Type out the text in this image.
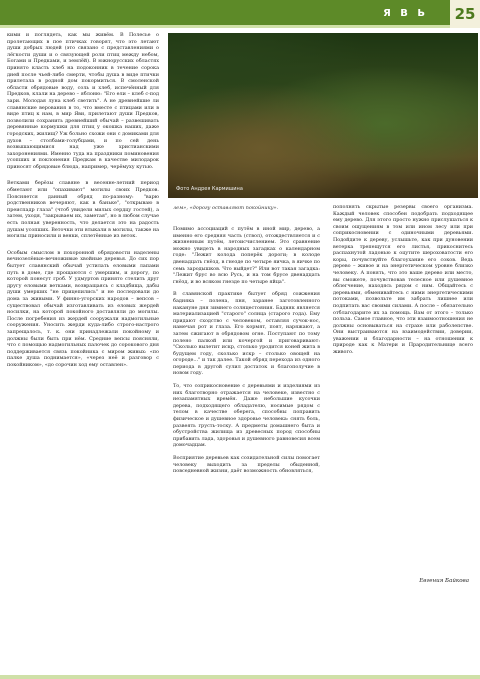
Я В Ь	25

кими и поглядеть, как мы живём. В Полесье о пролетающих в пое птичках говорят, что это летают души добрых людей (это связано с представлениями о лёгкости души и о связующей роли птиц между небом, Богами и Предками, и землёй). В южнорусских областях принято класть хлеб на подоконник в течение сорока дней после чьей-либо смерти, чтобы душа в виде птички прилетала в родной дом покормиться. В смоленской области обрядовые воду, соль и хлеб, испечённый для Предков, клали на дерево – яблоню: "Его ели – клеб с-под зари. Молодая луна клеб светить". А не древнейшие ли славянские верования в то, что вместе с птицами или в виде птиц к нам, в мир Яви, прилетают души Предков, позволили сохранить древнейший обычай – развешивать деревянные кормушки для птиц у окошка наших, даже городских, жилищ? Уж больно схожи они с домиками для духов – столбами-голубцами, и по сей день возвышающимися над уже христианскими захоронениями. Именно туда на праздники поминовения усопших и поклонения Предкам в качестве милодарок приносят обрядовые блюда, например, черёмуху кутью.

Ветками берёзы славяне в весенне-летний период обметают или "опахивают" могилы своих Предков. Поясняется данный обряд по-разному: "варю родственников вечеряют, как в баньке", "открываю в преиспадр глаза" (чтоб увидели милых сердцу гостей), а затем, уходя, "закрываем их, заметая", но в любом случае есть полная уверенность, что делается это на радость душам усопших. Веточки эти втыкали в могилы, также на могилы приносили и венки, сплетённые из веток.

Особым смыслом в похоронной обрядовости наделены вечнозелёные-вечноживые хвойные деревья. До сих пор бытует славянский обычай устилать еловыми лапами путь в доме, где прощаются с умершим, и дорогу, по которой понесут гроб. У удмуртов принято стелить друг другу еловыми ветками, возвращаясь с кладбища, дабы души умерших "не прицепились" и не последовали до дома за живыми. У финно-угорских народов – вепсов – существовал обычай изготавливать из еловых жердей носилки, на которой покойного доставляли до могилы. После погребения из жердей сооружали надмогильные сооружения. Уносить жерди куда-либо строго-настрого запрещалось, т. к. они принадлежали покойному и должны были быть при нём. Средние вепсы поясняли, что с помощью надмогильных палочек до сорокового дня поддерживается связь покойника с миром живых: «по палке душа поднимается», «через неё и разговор с покойником», «до сорочин ход ему оставлен».

Фото Андрея Кармишина
лем», «дорогу оставляют покойнику».

Помимо ассоциаций с путём в иной мир, дерево, а именно его средняя часть (ствол), отождествляется и с жизненным путём, летоисчислением. Это сравнение можно увидеть в народных загадках о календарном годе: "Лежит колода поперёк дороги; в колоде двенадцать гнёзд, в гнезде по четыре яичка, в яичке по семь зародышков. Что выйдет?" Или вот такая загадка: "Лежит брус во всю Русь, и на том брусе двенадцать гнёзд, и во всяком гнезде по четыре яйца".

В славянской практике бытует обряд сожжения бадняка – полена, пня, заранее заготовленного накануне дня зимнего солнцестояния. Бадняк является материализацией "старого" солнца (старого года). Ему придают сходство с человеком, оставляя сучок-нос, намечая рот и глаза. Его кормят, поят, наряжают, а затем сжигают в обрядовом огне. Поступают по тому полено палкой или кочергой и приговаривают: "Сколько вылетит искр, столько уродится коней жита в будущем году, сколько искр – столько овощей на огороде..." и так далее. Такой обряд перехода из одного периода в другой сулил достаток и благополучие в новом году.

То, что соприкосновение с деревьями и изделиями из них благотворно отражается на человеке, известно с незапамятных времён. Даже небольшие кусочки дерева, подходящего обладателю, носимые рядом с телом в качестве оберега, способны поправить физическое и душевное здоровье человека: снять боль, развеять грусть-тоску. А предметы домашнего быта и обустройства жилища из древесных пород способны прибавить лада, здоровья и душевного равновесия всем домочадцам.

Восприятие деревьев как созидательной силы помогает человеку выходить за пределы обыденной, повседневной жизни, даёт возможность обновляться,

пополнять скрытые резервы своего организма. Каждый человек способен подобрать подходящее ему дерево. Для этого просто нужно прислушаться к своим ощущениям в том или ином лесу или при соприкосновении с одиночными деревьями. Подойдите к дереву, услышьте, как при дуновении ветерка трепещутся его листья, прикоснитесь распахнутой ладонью к оцутите шероховатости его коры, почувствуйте благоухание его соков. Ведь дерево – живое и на энергетическом уровне близко человеку. А понять, что это ваше дерево или место, вы сможете, почувствовав телесное или душевное облегчение, находясь рядом с ним. Общайтесь с деревьями, обменивайтесь с ними энергетическими потоками, позвольте им забрать лишнее или подпитать вас своими силами. А после – обязательно отблагодарите их за помощь. Вам от этого – только польза. Самое главное, что эти взаимоотношения не должны основываться на страхе или раболепстве. Они выстраиваются на взаимодействии, доверии, уважении и благодарности – на отношении к природе как к Матери и Прародительнице всего живого.

Евгения Байкова
